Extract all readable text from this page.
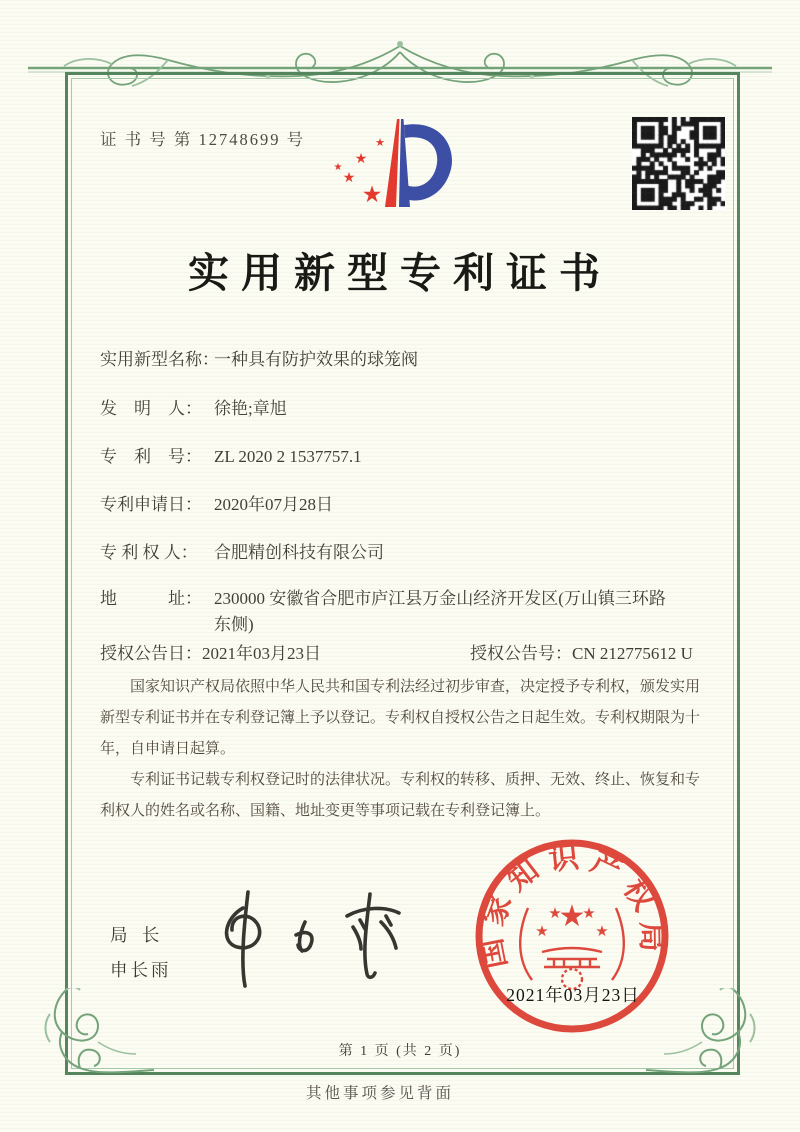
证 书 号 第 12748699 号	★
★
★
★
★
实用新型专利证书
实用新型名称：
一种具有防护效果的球笼阀
发　明　人： 徐艳;章旭
专　利　号： ZL 2020 2 1537757.1
专利申请日： 2020年07月28日
专 利 权 人： 合肥精创科技有限公司
地　　　址： 230000 安徽省合肥市庐江县万金山经济开发区(万山镇三环路东侧)
授权公告日：2021年03月23日	授权公告号：CN 212775612 U

国家知识产权局依照中华人民共和国专利法经过初步审查，决定授予专利权，颁发实用新型专利证书并在专利登记簿上予以登记。专利权自授权公告之日起生效。专利权期限为十年，自申请日起算。

专利证书记载专利权登记时的法律状况。专利权的转移、质押、无效、终止、恢复和专利权人的姓名或名称、国籍、地址变更等事项记载在专利登记簿上。

局 长
申长雨	国家知识产权局
★
★
★ ★
★
2021年03月23日
第 1 页 (共 2 页)
其他事项参见背面
